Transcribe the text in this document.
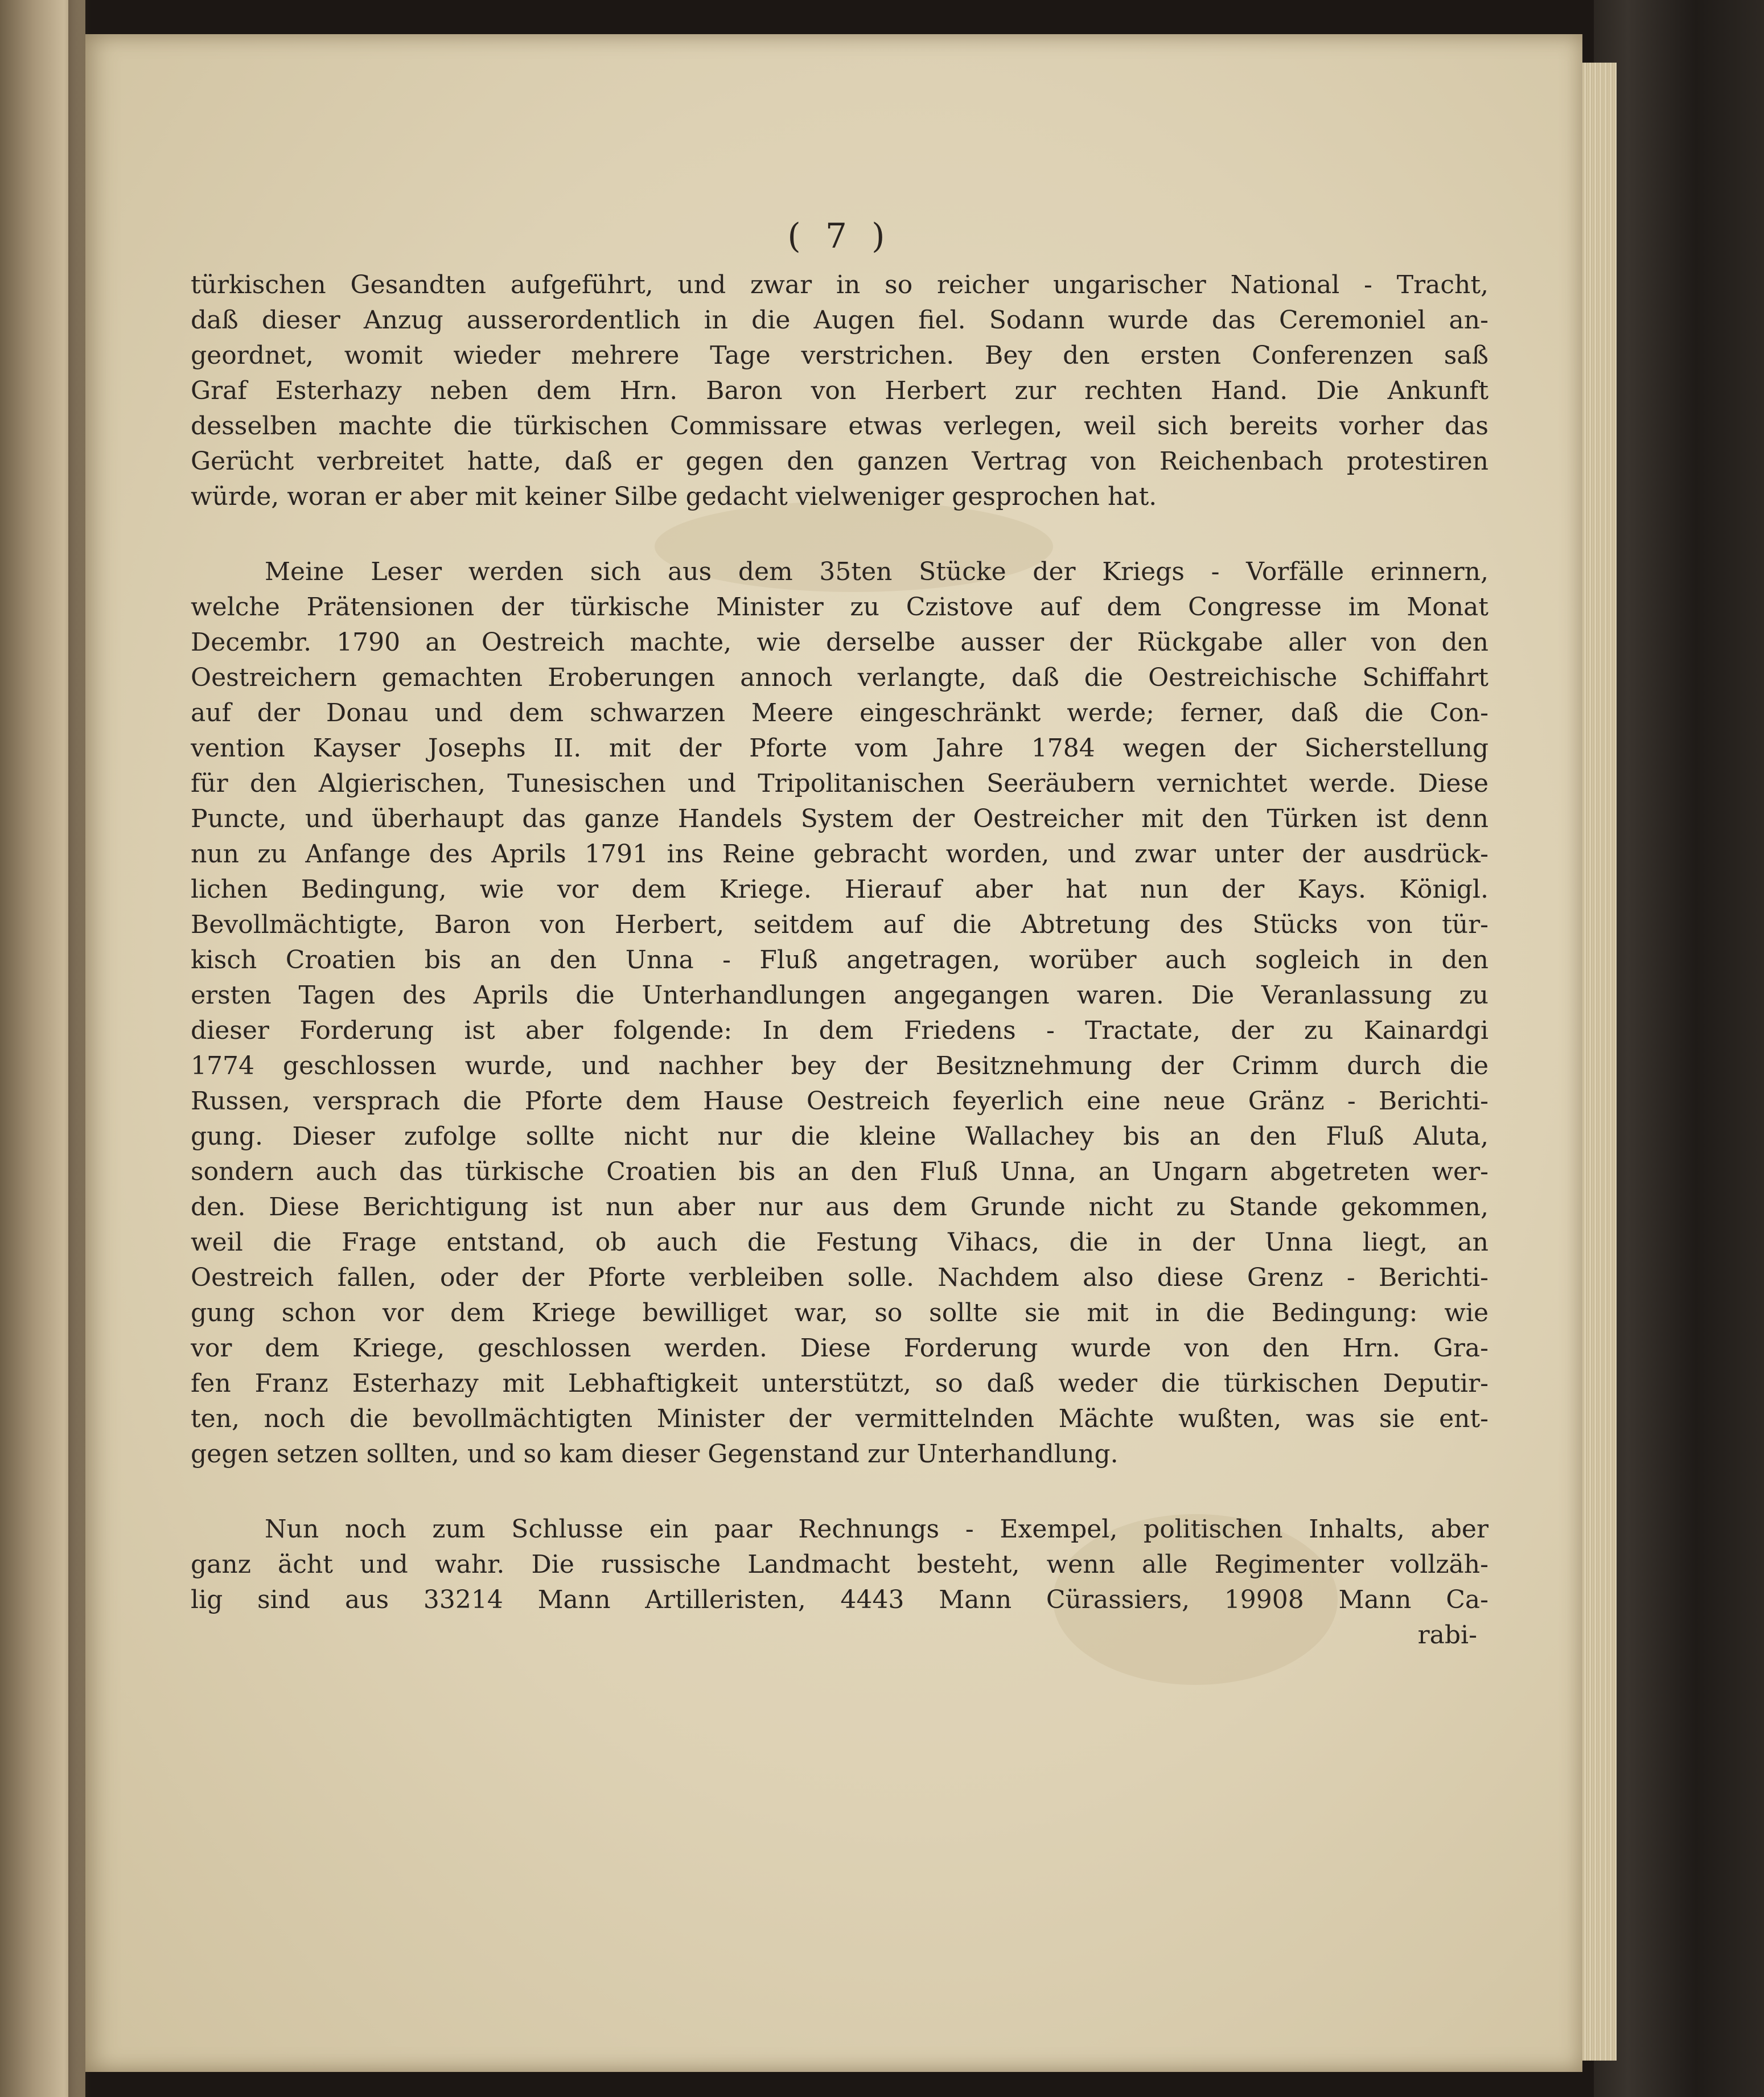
( 7 )
türkischen Gesandten aufgeführt, und zwar in so reicher ungarischer National - Tracht,
daß dieser Anzug ausserordentlich in die Augen fiel. Sodann wurde das Ceremoniel an-
geordnet, womit wieder mehrere Tage verstrichen. Bey den ersten Conferenzen saß
Graf Esterhazy neben dem Hrn. Baron von Herbert zur rechten Hand. Die Ankunft
desselben machte die türkischen Commissare etwas verlegen, weil sich bereits vorher das
Gerücht verbreitet hatte, daß er gegen den ganzen Vertrag von Reichenbach protestiren
würde, woran er aber mit keiner Silbe gedacht vielweniger gesprochen hat.
Meine Leser werden sich aus dem 35ten Stücke der Kriegs - Vorfälle erinnern,
welche Prätensionen der türkische Minister zu Czistove auf dem Congresse im Monat
Decembr. 1790 an Oestreich machte, wie derselbe ausser der Rückgabe aller von den
Oestreichern gemachten Eroberungen annoch verlangte, daß die Oestreichische Schiffahrt
auf der Donau und dem schwarzen Meere eingeschränkt werde; ferner, daß die Con-
vention Kayser Josephs II. mit der Pforte vom Jahre 1784 wegen der Sicherstellung
für den Algierischen, Tunesischen und Tripolitanischen Seeräubern vernichtet werde. Diese
Puncte, und überhaupt das ganze Handels System der Oestreicher mit den Türken ist denn
nun zu Anfange des Aprils 1791 ins Reine gebracht worden, und zwar unter der ausdrück-
lichen Bedingung, wie vor dem Kriege. Hierauf aber hat nun der Kays. Königl.
Bevollmächtigte, Baron von Herbert, seitdem auf die Abtretung des Stücks von tür-
kisch Croatien bis an den Unna - Fluß angetragen, worüber auch sogleich in den
ersten Tagen des Aprils die Unterhandlungen angegangen waren. Die Veranlassung zu
dieser Forderung ist aber folgende: In dem Friedens - Tractate, der zu Kainardgi
1774 geschlossen wurde, und nachher bey der Besitznehmung der Crimm durch die
Russen, versprach die Pforte dem Hause Oestreich feyerlich eine neue Gränz - Berichti-
gung. Dieser zufolge sollte nicht nur die kleine Wallachey bis an den Fluß Aluta,
sondern auch das türkische Croatien bis an den Fluß Unna, an Ungarn abgetreten wer-
den. Diese Berichtigung ist nun aber nur aus dem Grunde nicht zu Stande gekommen,
weil die Frage entstand, ob auch die Festung Vihacs, die in der Unna liegt, an
Oestreich fallen, oder der Pforte verbleiben solle. Nachdem also diese Grenz - Berichti-
gung schon vor dem Kriege bewilliget war, so sollte sie mit in die Bedingung: wie
vor dem Kriege, geschlossen werden. Diese Forderung wurde von den Hrn. Gra-
fen Franz Esterhazy mit Lebhaftigkeit unterstützt, so daß weder die türkischen Deputir-
ten, noch die bevollmächtigten Minister der vermittelnden Mächte wußten, was sie ent-
gegen setzen sollten, und so kam dieser Gegenstand zur Unterhandlung.
Nun noch zum Schlusse ein paar Rechnungs - Exempel, politischen Inhalts, aber
ganz ächt und wahr. Die russische Landmacht besteht, wenn alle Regimenter vollzäh-
lig sind aus 33214 Mann Artilleristen, 4443 Mann Cürassiers, 19908 Mann Ca-
rabi-
